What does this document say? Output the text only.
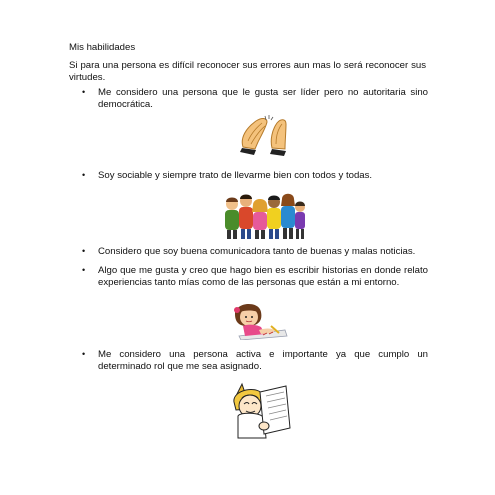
Mis habilidades
Si para una persona es difícil reconocer sus errores aun mas lo será reconocer sus virtudes.
•	Me considero una persona que le gusta ser líder pero no autoritaria sino democrática.
•	Soy sociable y siempre trato de llevarme bien con todos y todas.
•	Considero que soy buena comunicadora tanto de buenas y malas noticias.
•	Algo que me gusta y creo que hago bien es escribir historias en donde relato experiencias tanto mías como de las personas que están a mi entorno.
•	Me considero una persona activa e importante ya que cumplo un determinado rol que me sea asignado.
